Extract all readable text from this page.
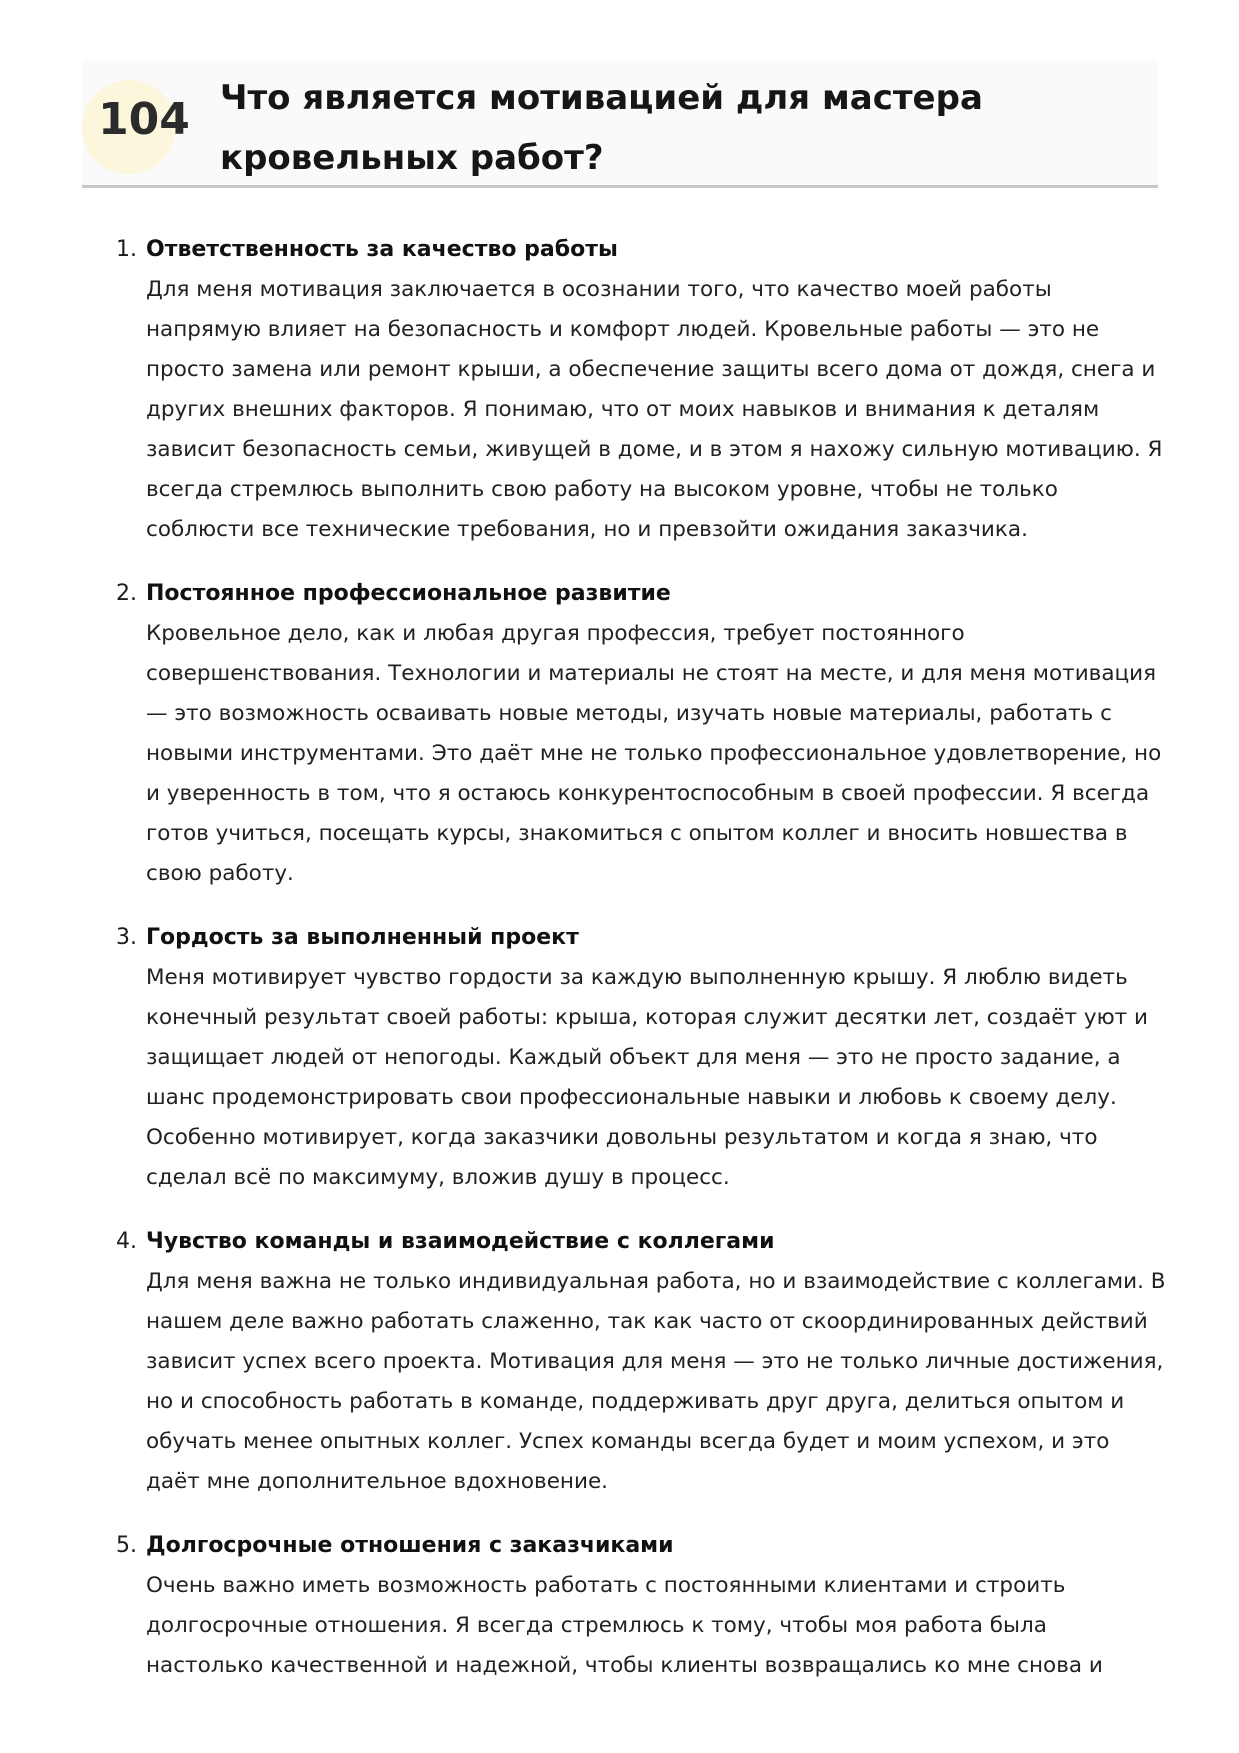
104 Что является мотивацией для мастера кровельных работ?
1. Ответственность за качество работы

Для меня мотивация заключается в осознании того, что качество моей работы напрямую влияет на безопасность и комфорт людей. Кровельные работы — это не просто замена или ремонт крыши, а обеспечение защиты всего дома от дождя, снега и других внешних факторов. Я понимаю, что от моих навыков и внимания к деталям зависит безопасность семьи, живущей в доме, и в этом я нахожу сильную мотивацию. Я всегда стремлюсь выполнить свою работу на высоком уровне, чтобы не только соблюсти все технические требования, но и превзойти ожидания заказчика.

2. Постоянное профессиональное развитие

Кровельное дело, как и любая другая профессия, требует постоянного совершенствования. Технологии и материалы не стоят на месте, и для меня мотивация — это возможность осваивать новые методы, изучать новые материалы, работать с новыми инструментами. Это даёт мне не только профессиональное удовлетворение, но и уверенность в том, что я остаюсь конкурентоспособным в своей профессии. Я всегда готов учиться, посещать курсы, знакомиться с опытом коллег и вносить новшества в свою работу.

3. Гордость за выполненный проект

Меня мотивирует чувство гордости за каждую выполненную крышу. Я люблю видеть конечный результат своей работы: крыша, которая служит десятки лет, создаёт уют и защищает людей от непогоды. Каждый объект для меня — это не просто задание, а шанс продемонстрировать свои профессиональные навыки и любовь к своему делу. Особенно мотивирует, когда заказчики довольны результатом и когда я знаю, что сделал всё по максимуму, вложив душу в процесс.

4. Чувство команды и взаимодействие с коллегами

Для меня важна не только индивидуальная работа, но и взаимодействие с коллегами. В нашем деле важно работать слаженно, так как часто от скоординированных действий зависит успех всего проекта. Мотивация для меня — это не только личные достижения, но и способность работать в команде, поддерживать друг друга, делиться опытом и обучать менее опытных коллег. Успех команды всегда будет и моим успехом, и это даёт мне дополнительное вдохновение.

5. Долгосрочные отношения с заказчиками

Очень важно иметь возможность работать с постоянными клиентами и строить долгосрочные отношения. Я всегда стремлюсь к тому, чтобы моя работа была настолько качественной и надежной, чтобы клиенты возвращались ко мне снова и
